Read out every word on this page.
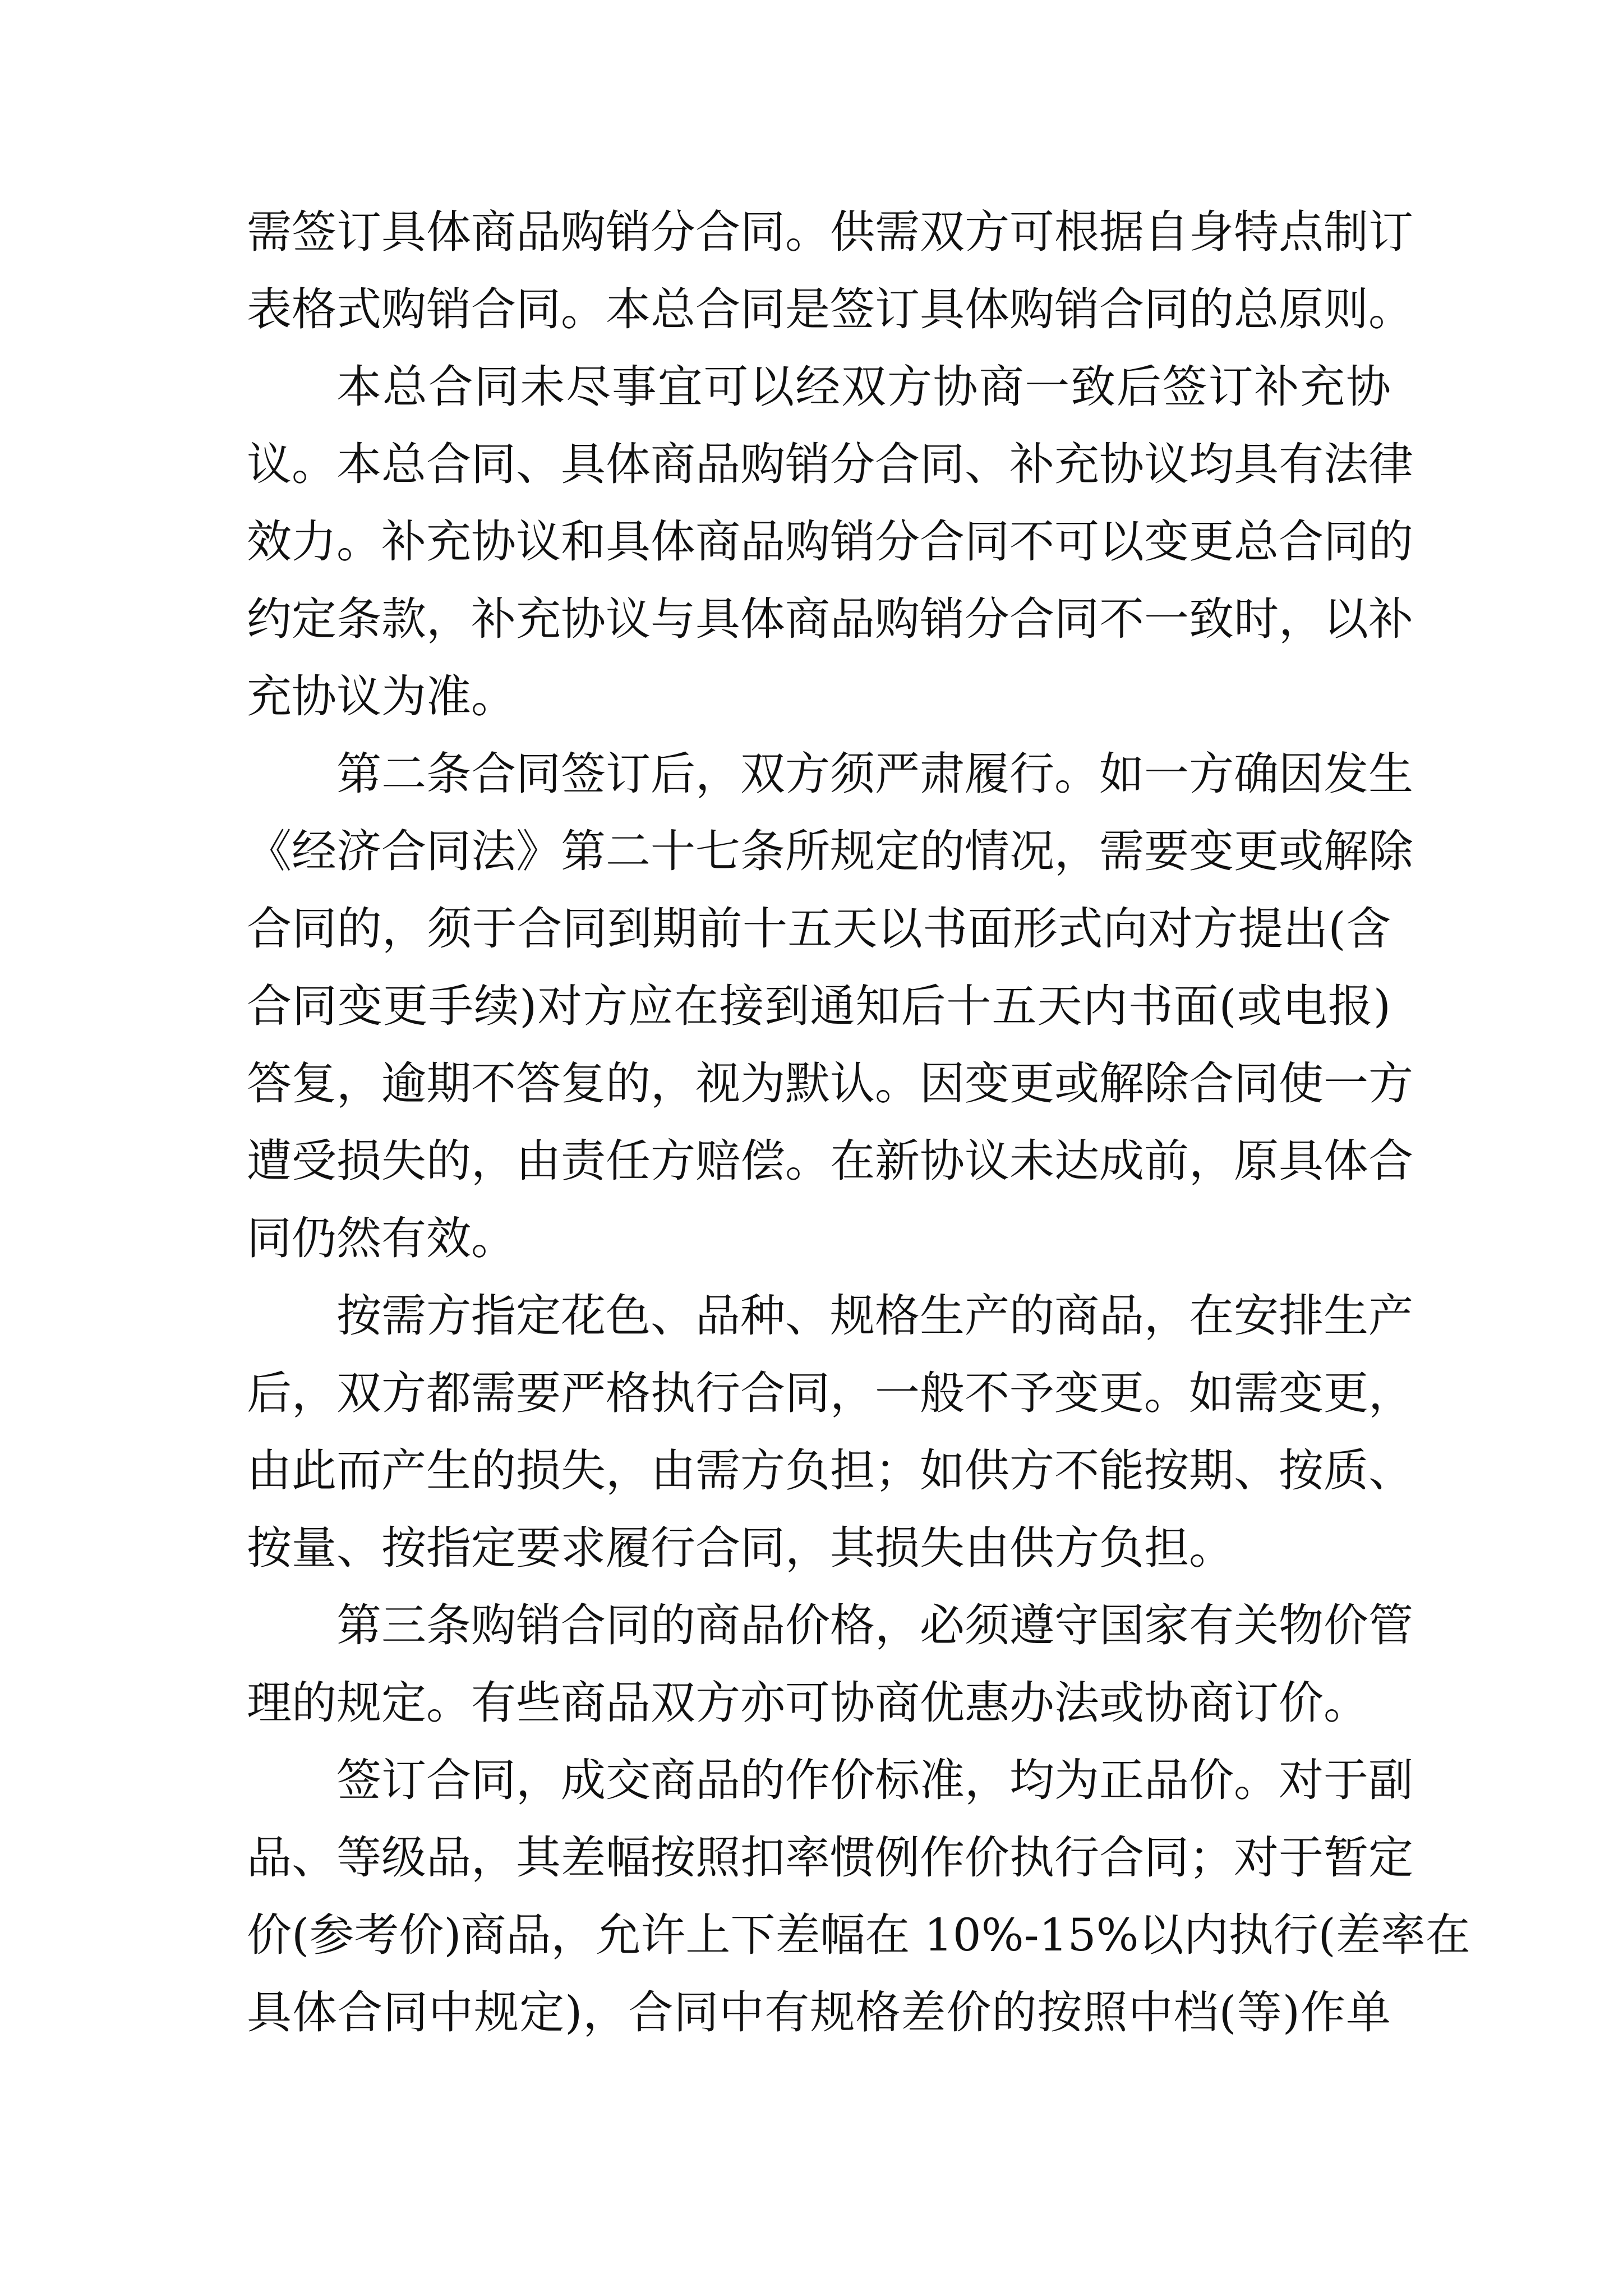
需签订具体商品购销分合同。供需双方可根据自身特点制订
表格式购销合同。本总合同是签订具体购销合同的总原则。
本总合同未尽事宜可以经双方协商一致后签订补充协
议。本总合同、具体商品购销分合同、补充协议均具有法律
效力。补充协议和具体商品购销分合同不可以变更总合同的
约定条款，补充协议与具体商品购销分合同不一致时，以补
充协议为准。
第二条合同签订后，双方须严肃履行。如一方确因发生
《经济合同法》第二十七条所规定的情况，需要变更或解除
合同的，须于合同到期前十五天以书面形式向对方提出(含
合同变更手续)对方应在接到通知后十五天内书面(或电报)
答复，逾期不答复的，视为默认。因变更或解除合同使一方
遭受损失的，由责任方赔偿。在新协议未达成前，原具体合
同仍然有效。
按需方指定花色、品种、规格生产的商品，在安排生产
后，双方都需要严格执行合同，一般不予变更。如需变更，
由此而产生的损失，由需方负担；如供方不能按期、按质、
按量、按指定要求履行合同，其损失由供方负担。
第三条购销合同的商品价格，必须遵守国家有关物价管
理的规定。有些商品双方亦可协商优惠办法或协商订价。
签订合同，成交商品的作价标准，均为正品价。对于副
品、等级品，其差幅按照扣率惯例作价执行合同；对于暂定
价(参考价)商品，允许上下差幅在 10%-15%以内执行(差率在
具体合同中规定)，合同中有规格差价的按照中档(等)作单
